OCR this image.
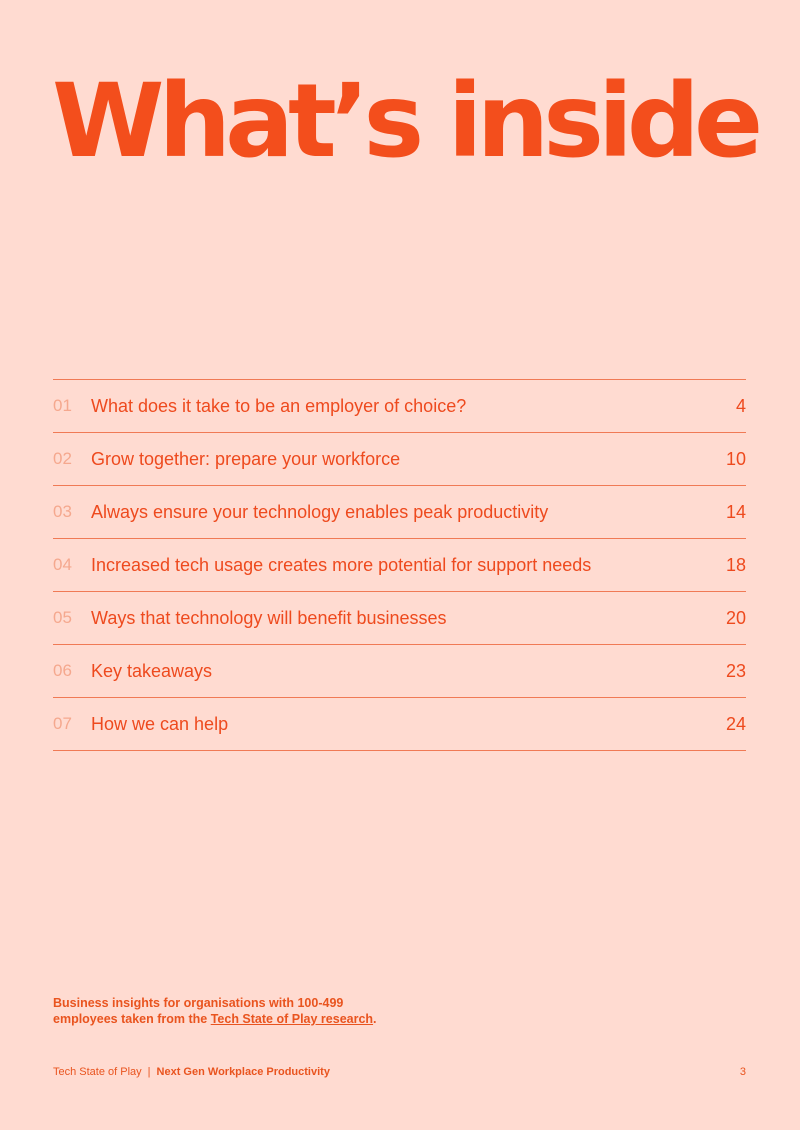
What’s inside
01	What does it take to be an employer of choice?	4
02	Grow together: prepare your workforce	10
03	Always ensure your technology enables peak productivity	14
04	Increased tech usage creates more potential for support needs	18
05	Ways that technology will benefit businesses	20
06	Key takeaways	23
07	How we can help	24
Business insights for organisations with 100-499
employees taken from the Tech State of Play research.
Tech State of Play | Next Gen Workplace Productivity	3
